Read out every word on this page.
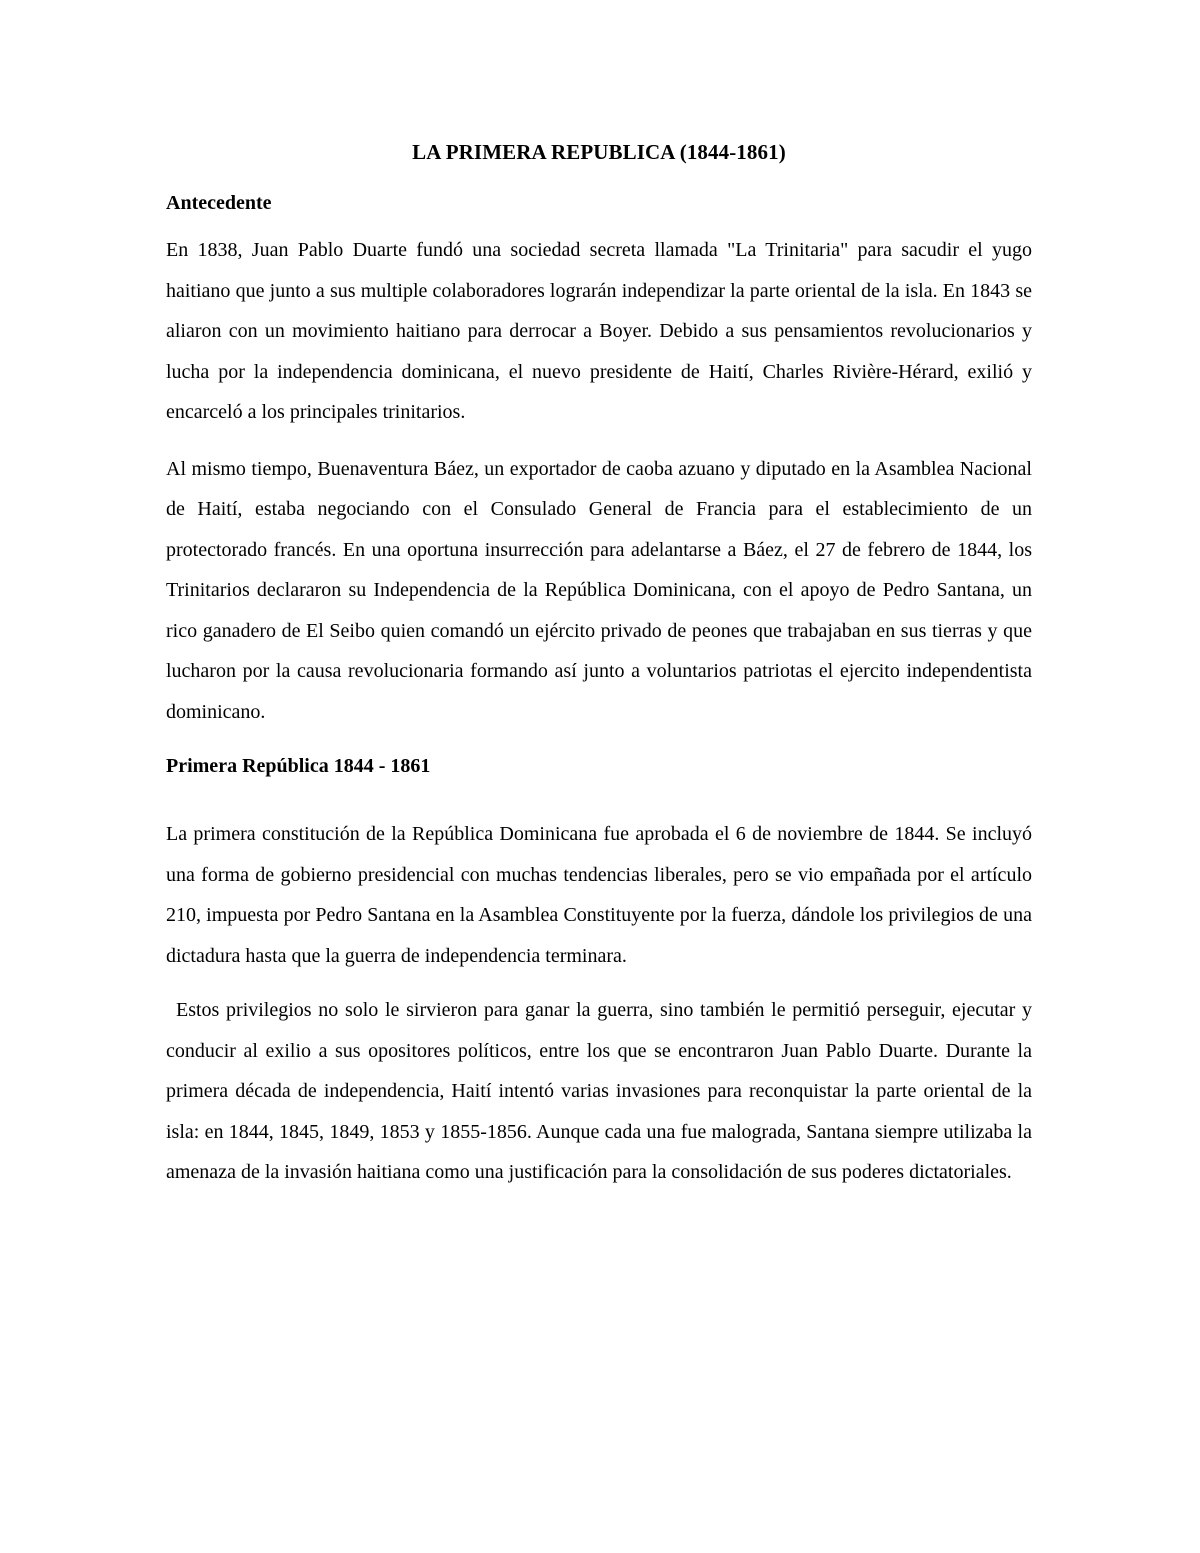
LA PRIMERA REPUBLICA (1844-1861)
Antecedente

En 1838, Juan Pablo Duarte fundó una sociedad secreta llamada "La Trinitaria" para sacudir el yugo haitiano que junto a sus multiple colaboradores lograrán independizar la parte oriental de la isla. En 1843 se aliaron con un movimiento haitiano para derrocar a Boyer. Debido a sus pensamientos revolucionarios y lucha por la independencia dominicana, el nuevo presidente de Haití, Charles Rivière-Hérard, exilió y encarceló a los principales trinitarios.

Al mismo tiempo, Buenaventura Báez, un exportador de caoba azuano y diputado en la Asamblea Nacional de Haití, estaba negociando con el Consulado General de Francia para el establecimiento de un protectorado francés. En una oportuna insurrección para adelantarse a Báez, el 27 de febrero de 1844, los Trinitarios declararon su Independencia de la República Dominicana, con el apoyo de Pedro Santana, un rico ganadero de El Seibo quien comandó un ejército privado de peones que trabajaban en sus tierras y que lucharon por la causa revolucionaria formando así junto a voluntarios patriotas el ejercito independentista dominicano.

Primera República 1844 - 1861

La primera constitución de la República Dominicana fue aprobada el 6 de noviembre de 1844. Se incluyó una forma de gobierno presidencial con muchas tendencias liberales, pero se vio empañada por el artículo 210, impuesta por Pedro Santana en la Asamblea Constituyente por la fuerza, dándole los privilegios de una dictadura hasta que la guerra de independencia terminara.

Estos privilegios no solo le sirvieron para ganar la guerra, sino también le permitió perseguir, ejecutar y conducir al exilio a sus opositores políticos, entre los que se encontraron Juan Pablo Duarte. Durante la primera década de independencia, Haití intentó varias invasiones para reconquistar la parte oriental de la isla: en 1844, 1845, 1849, 1853 y 1855-1856. Aunque cada una fue malograda, Santana siempre utilizaba la amenaza de la invasión haitiana como una justificación para la consolidación de sus poderes dictatoriales.
